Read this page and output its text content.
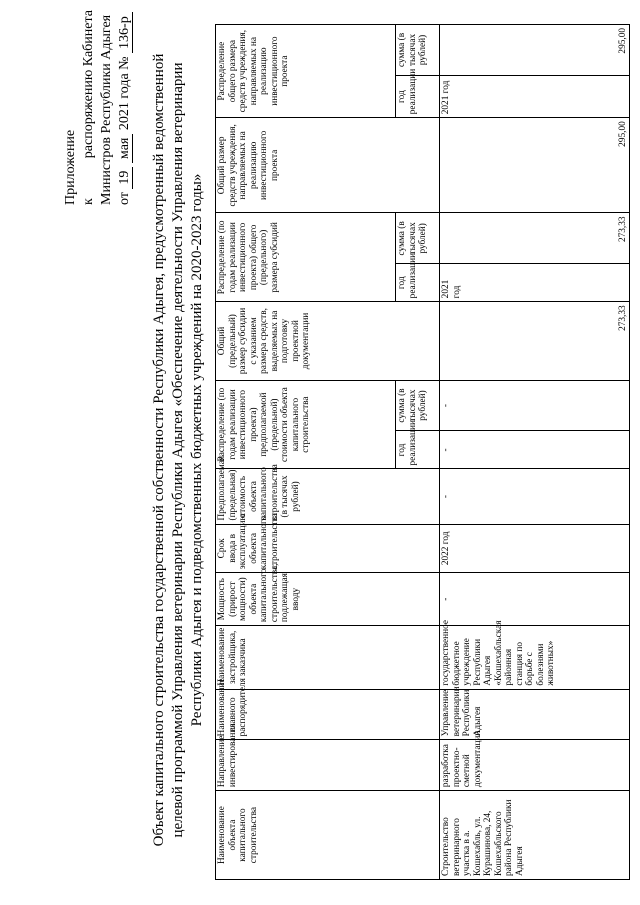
Приложение к
распоряжению Кабинета Министров Республики Адыгея от 19 мая 2021 года № 136-р
Объект капитального строительства государственной собственности Республики Адыгея, предусмотренный ведомственной целевой программой Управления ветеринарии Республики Адыгея «Обеспечение деятельности Управления ветеринарии Республики Адыгея и подведомственных бюджетных учреждений на 2020-2023 годы»
Наименование объекта капитального строительства	Направление инвестирования	Наименование главного распорядителя	Наименование застройщика, заказчика	Мощность (прирост мощности) объекта капитального строительства, подлежащая вводу	Срок ввода в эксплуатацию объекта капитального строительства	Предполагаемая (предельная) стоимость объекта капитального строительства (в тысячах рублей)	Распределение (по годам реализации инвестиционного проекта) предполагаемой (предельной) стоимости объекта капитального строительства		Общий (предельный) размер субсидии с указанием размера средств, выделяемых на подготовку проектной документации	Распределение (по годам реализации инвестиционного проекта) общего (предельного) размера субсидий		Общий размер средств учреждения, направляемых на реализацию инвестиционного проекта	Распределение общего размера средств учреждения, направляемых на реализацию инвестиционного проекта	
							год реализации	сумма (в тысячах рублей)		год реализации	сумма (в тысячах рублей)		год реализации	сумма (в тысячах рублей)
Строительство ветеринарного участка в а. Кошехабль, ул. Курашинова, 24, Кошехабльского района Республики Адыгея	разработка проектно-сметной документации	Управление ветеринарии Республики Адыгея	государственное бюджетное учреждение Республики Адыгея «Кошехабльская районная станция по борьбе с болезнями животных»	-	2022 год	-	-	-	273,33	2021 год	273,33	295,00	2021 год	295,00
